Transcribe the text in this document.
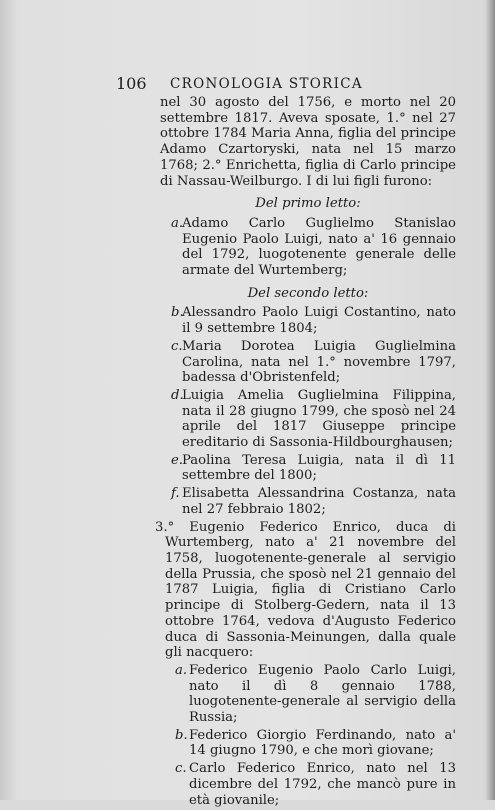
106 CRONOLOGIA STORICA
nel 30 agosto del 1756, e morto nel 20 settembre 1817. Aveva sposate, 1.° nel 27 ottobre 1784 Maria Anna, figlia del principe Adamo Czartoryski, nata nel 15 marzo 1768; 2.° Enrichetta, figlia di Carlo principe di Nassau-Weilburgo. I di lui figli furono:
Del primo letto:
a.
Adamo Carlo Guglielmo Stanislao Eugenio Paolo Luigi, nato a' 16 gennaio del 1792, luogotenente generale delle armate del Wurtemberg;
Del secondo letto:
b.
Alessandro Paolo Luigi Costantino, nato il 9 settembre 1804;
c. Maria Dorotea Luigia Guglielmina Carolina, nata nel 1.° novembre 1797, badessa d'Obristenfeld;
d.
Luigia Amelia Guglielmina Filippina, nata il 28 giugno 1799, che sposò nel 24 aprile del 1817 Giuseppe principe ereditario di Sassonia-Hildbourghausen;
e. Paolina Teresa Luigia, nata il dì 11 settembre del 1800;
f. Elisabetta Alessandrina Costanza, nata nel 27 febbraio 1802;
3.° Eugenio Federico Enrico, duca di Wurtemberg, nato a' 21 novembre del 1758, luogotenente-generale al servigio della Prussia, che sposò nel 21 gennaio del 1787 Luigia, figlia di Cristiano Carlo principe di Stolberg-Gedern, nata il 13 ottobre 1764, vedova d'Augusto Federico duca di Sassonia-Meinungen, dalla quale gli nacquero:
a. Federico Eugenio Paolo Carlo Luigi, nato il dì 8 gennaio 1788, luogotenente-generale al servigio della Russia;
b. Federico Giorgio Ferdinando, nato a' 14 giugno 1790, e che morì giovane;
c. Carlo Federico Enrico, nato nel 13 dicembre del 1792, che mancò pure in età giovanile;
